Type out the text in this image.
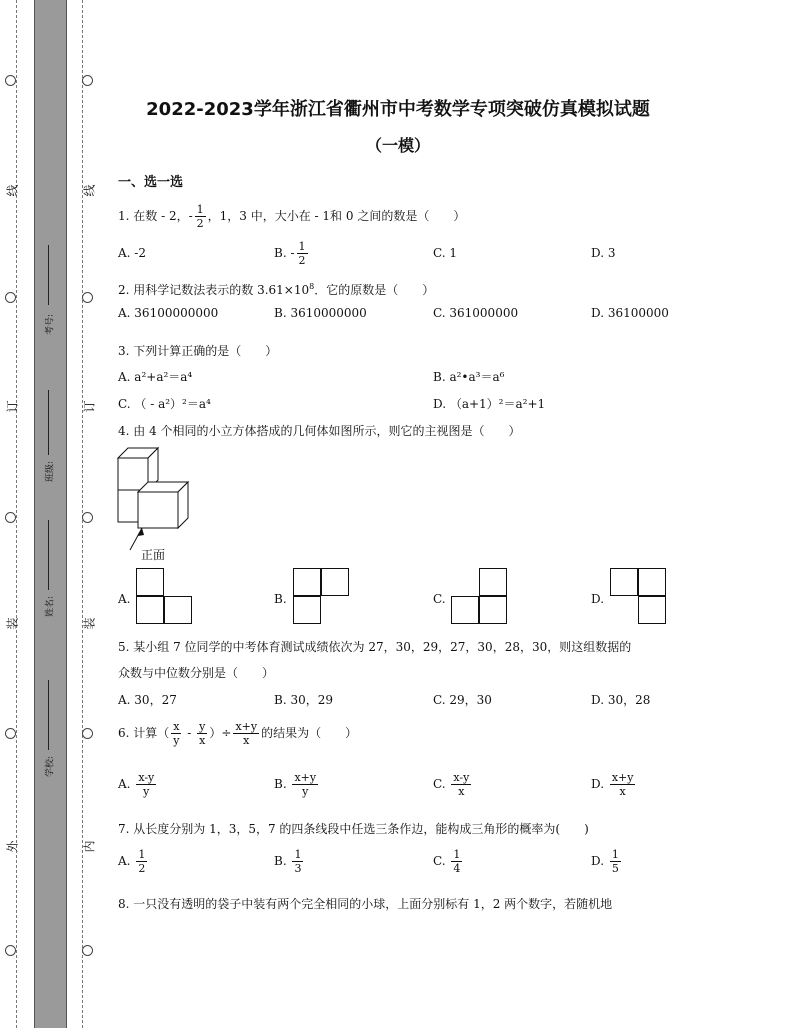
线
订
装
外
考号:
班级:
姓名:
学校:
线
订
装
内
2022-2023学年浙江省衢州市中考数学专项突破仿真模拟试题
（一模）
一、选一选
1. 在数 - 2，- $\frac{1}{2}$ ，1，3 中，大小在 - 1和 0 之间的数是（　　）
A. -2	B. - $\frac{1}{2}$	C. 1	D. 3
2. 用科学记数法表示的数 $3.61\times 10^8$．它的原数是（　　）
A. 36100000000	B. 3610000000	C. 361000000	D. 36100000
3. 下列计算正确的是（　　）
A. a²+a²＝a⁴	B. a²•a³＝a⁶
C. （ - a²）²＝a⁴	D. （a+1）²＝a²+1
4. 由 4 个相同的小立方体搭成的几何体如图所示，则它的主视图是（　　）
正面
A.	B.	C.	D.
5. 某小组 7 位同学的中考体育测试成绩依次为 27，30，29，27，30，28，30，则这组数据的
众数与中位数分别是（　　）
A. 30，27	B. 30，29	C. 29，30	D. 30，28
6. 计算（ $\frac{x}{y} - \frac{y}{x}$ ）÷ $\frac{x+y}{x}$ 的结果为（　　）
A. $\frac{x-y}{y}$	B. $\frac{x+y}{y}$	C. $\frac{x-y}{x}$	D. $\frac{x+y}{x}$
7. 从长度分别为 1，3，5，7 的四条线段中任选三条作边，能构成三角形的概率为(　　)
A. $\frac{1}{2}$	B. $\frac{1}{3}$	C. $\frac{1}{4}$	D. $\frac{1}{5}$
8. 一只没有透明的袋子中装有两个完全相同的小球，上面分别标有 1，2 两个数字，若随机地
